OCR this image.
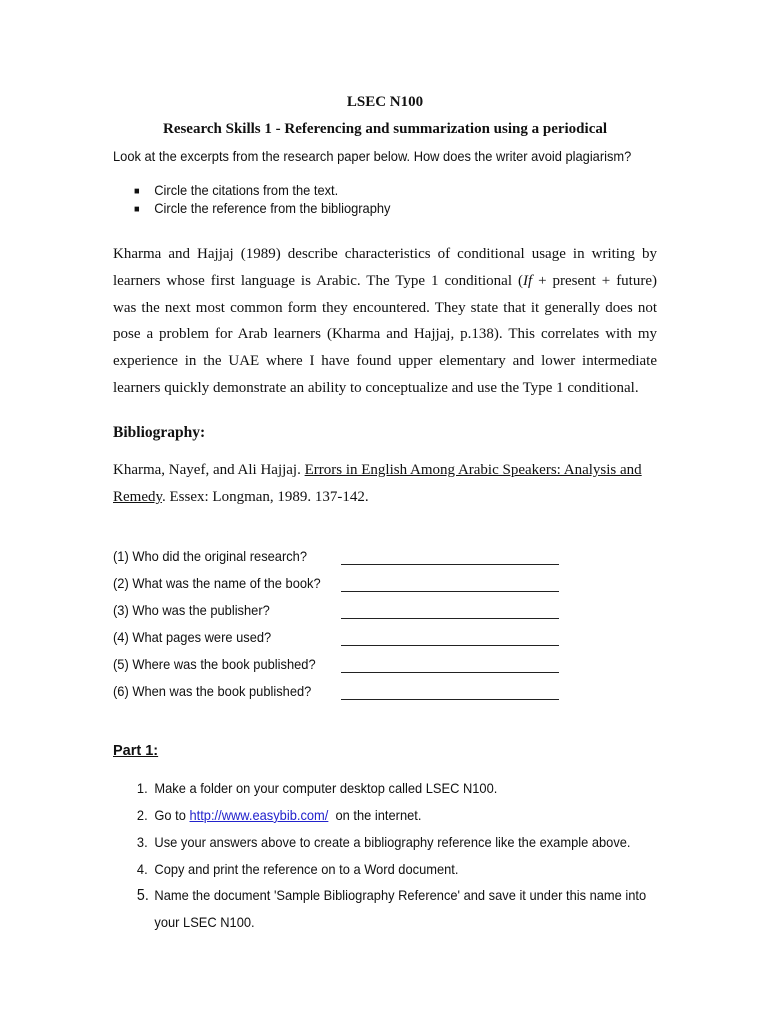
LSEC N100
Research Skills 1 - Referencing and summarization using a periodical
Look at the excerpts from the research paper below. How does the writer avoid plagiarism?
■ Circle the citations from the text.
■ Circle the reference from the bibliography
Kharma and Hajjaj (1989) describe characteristics of conditional usage in writing by
learners whose first language is Arabic. The Type 1 conditional (If + present + future)
was the next most common form they encountered. They state that it generally does not
pose a problem for Arab learners (Kharma and Hajjaj, p.138). This correlates with my
experience in the UAE where I have found upper elementary and lower intermediate
learners quickly demonstrate an ability to conceptualize and use the Type 1 conditional.
Bibliography:
Kharma, Nayef, and Ali Hajjaj. Errors in English Among Arabic Speakers: Analysis and
Remedy. Essex: Longman, 1989. 137-142.
(1) Who did the original research?
(2) What was the name of the book?
(3) Who was the publisher?
(4) What pages were used?
(5) Where was the book published?
(6) When was the book published?
Part 1:
1. Make a folder on your computer desktop called LSEC N100.
2. Go to http://www.easybib.com/  on the internet.
3. Use your answers above to create a bibliography reference like the example above.
4. Copy and print the reference on to a Word document.
5. Name the document 'Sample Bibliography Reference' and save it under this name into
your LSEC N100.
